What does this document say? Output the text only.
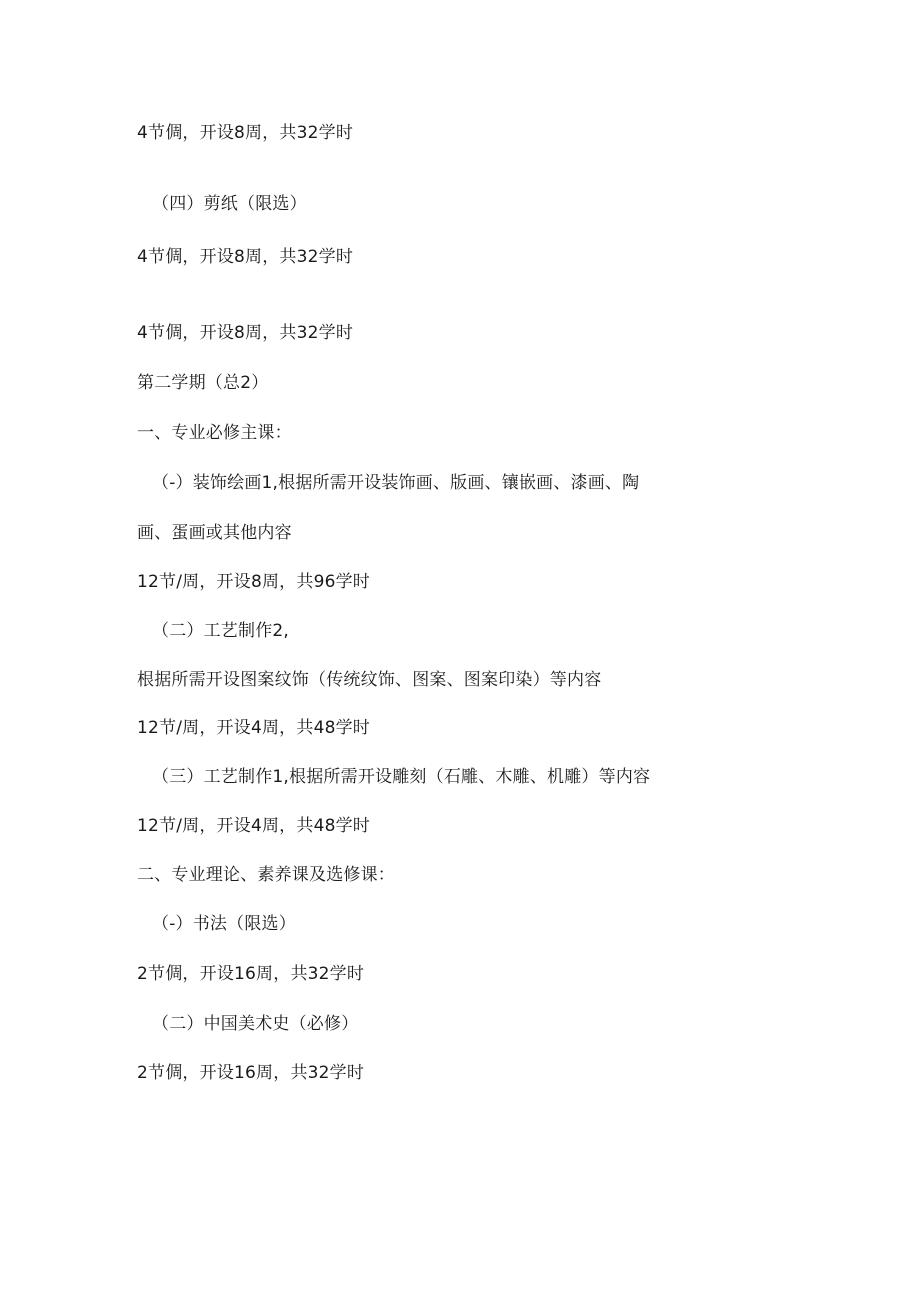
4节倜，开设8周，共32学时
（四）剪纸（限选）
4节倜，开设8周，共32学时
4节倜，开设8周，共32学时
第二学期（总2）
一、专业必修主课：
（-）装饰绘画1,根据所需开设装饰画、版画、镶嵌画、漆画、陶
画、蛋画或其他内容
12节/周，开设8周，共96学时
（二）工艺制作2,
根据所需开设图案纹饰（传统纹饰、图案、图案印染）等内容
12节/周，开设4周，共48学时
（三）工艺制作1,根据所需开设雕刻（石雕、木雕、机雕）等内容
12节/周，开设4周，共48学时
二、专业理论、素养课及选修课：
（-）书法（限选）
2节倜，开设16周，共32学时
（二）中国美术史（必修）
2节倜，开设16周，共32学时
